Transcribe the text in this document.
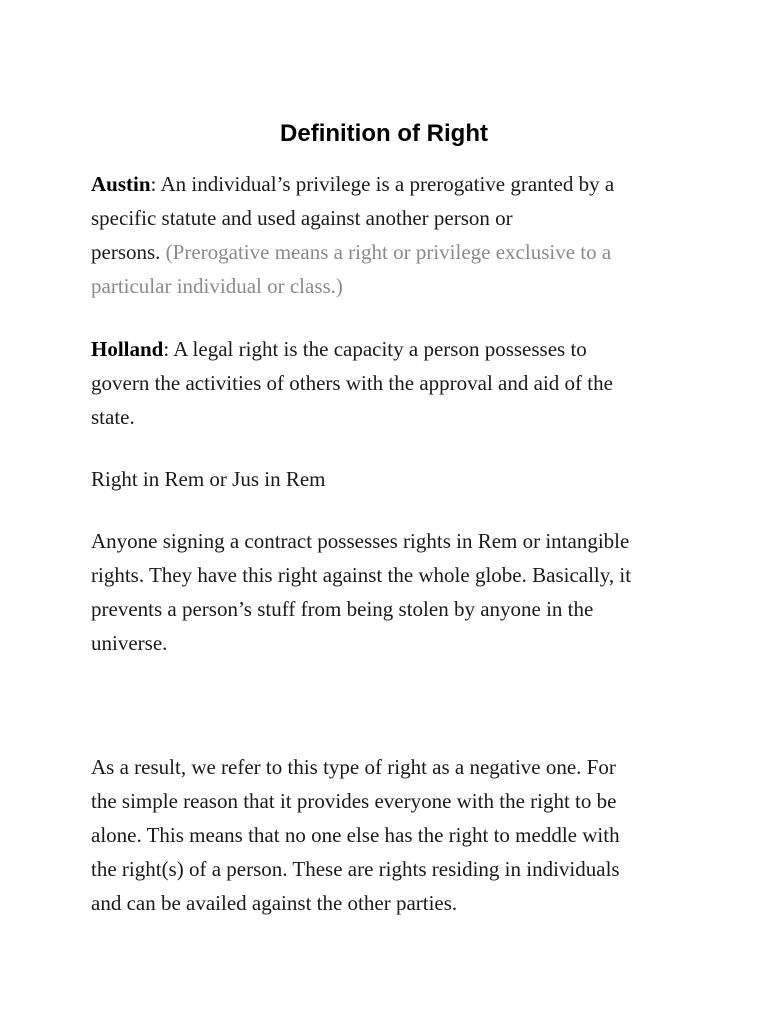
Definition of Right

Austin: An individual’s privilege is a prerogative granted by a
specific statute and used against another person or
persons. (Prerogative means a right or privilege exclusive to a
particular individual or class.)

Holland: A legal right is the capacity a person possesses to
govern the activities of others with the approval and aid of the
state.

Right in Rem or Jus in Rem

Anyone signing a contract possesses rights in Rem or intangible
rights. They have this right against the whole globe. Basically, it
prevents a person’s stuff from being stolen by anyone in the
universe.

As a result, we refer to this type of right as a negative one. For
the simple reason that it provides everyone with the right to be
alone. This means that no one else has the right to meddle with
the right(s) of a person. These are rights residing in individuals
and can be availed against the other parties.
